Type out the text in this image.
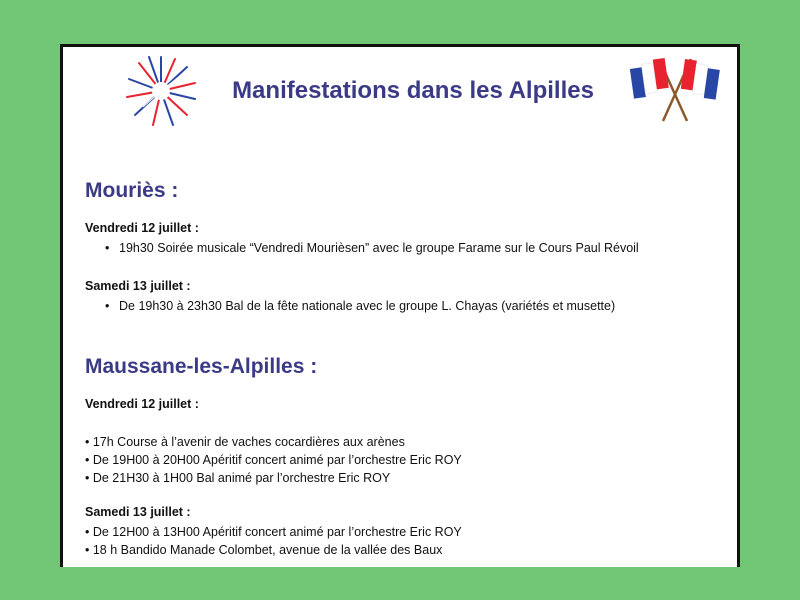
Manifestations dans les Alpilles
Mouriès :
Vendredi 12 juillet :
• 19h30 Soirée musicale “Vendredi Mourièsen” avec le groupe Farame sur le Cours Paul Révoil
Samedi 13 juillet :
• De 19h30 à 23h30 Bal de la fête nationale avec le groupe L. Chayas (variétés et musette)
Maussane-les-Alpilles :
Vendredi 12 juillet :
• 17h Course à l’avenir de vaches cocardières aux arènes
• De 19H00 à 20H00 Apéritif concert animé par l’orchestre Eric ROY
• De 21H30 à 1H00 Bal animé par l’orchestre Eric ROY
Samedi 13 juillet :
• De 12H00 à 13H00 Apéritif concert animé par l’orchestre Eric ROY
• 18 h Bandido Manade Colombet, avenue de la vallée des Baux
